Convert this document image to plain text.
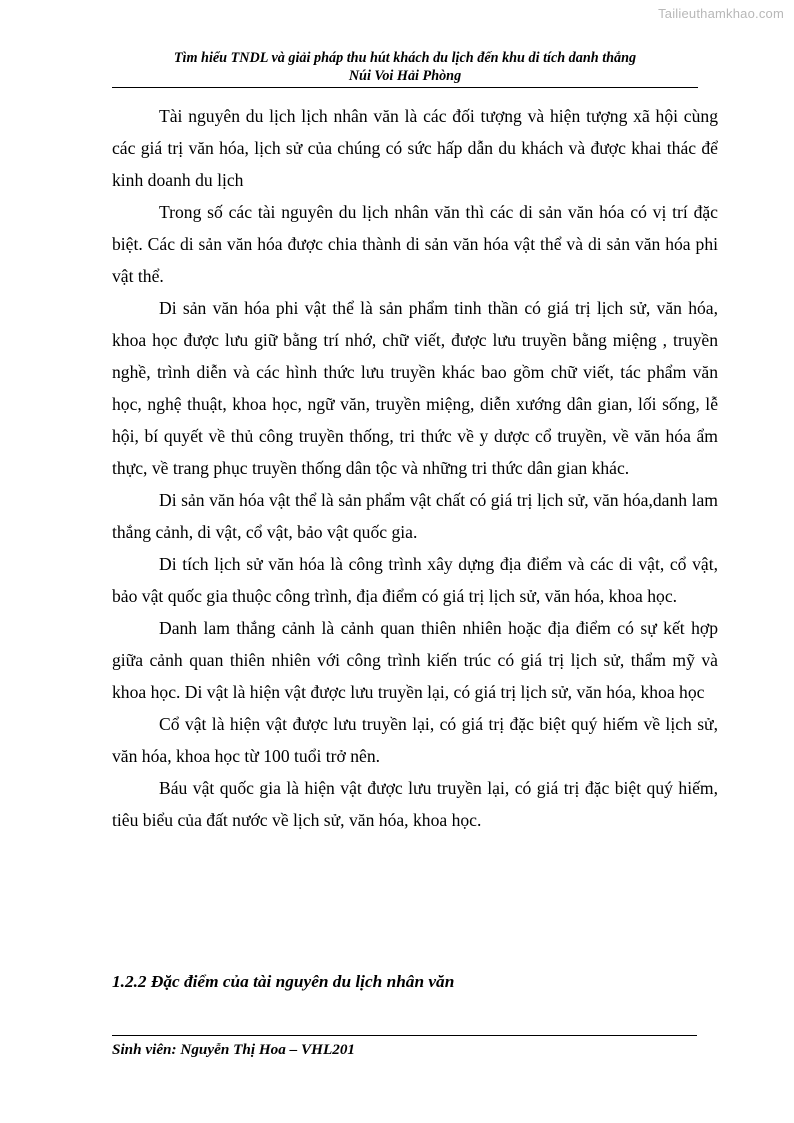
Tailieuthamkhao.com
Tìm hiểu TNDL và giải pháp thu hút khách du lịch đến khu di tích danh thắng
Núi Voi Hải Phòng

Tài nguyên du lịch lịch nhân văn là các đối tượng và hiện tượng xã hội cùng các giá trị văn hóa, lịch sử của chúng có sức hấp dẫn du khách và được khai thác để kinh doanh du lịch

Trong số các tài nguyên du lịch nhân văn thì các di sản văn hóa có vị trí đặc biệt. Các di sản văn hóa được chia thành di sản văn hóa vật thể và di sản văn hóa phi vật thể.

Di sản văn hóa phi vật thể là sản phẩm tinh thần có giá trị lịch sử, văn hóa, khoa học được lưu giữ bằng trí nhớ, chữ viết, được lưu truyền bằng miệng , truyền nghề, trình diễn và các hình thức lưu truyền khác bao gồm chữ viết, tác phẩm văn học, nghệ thuật, khoa học, ngữ văn, truyền miệng, diễn xướng dân gian, lối sống, lễ hội, bí quyết về thủ công truyền thống, tri thức về y dược cổ truyền, về văn hóa ẩm thực, về trang phục truyền thống dân tộc và những tri thức dân gian khác.

Di sản văn hóa vật thể là sản phẩm vật chất có giá trị lịch sử, văn hóa,danh lam thắng cảnh, di vật, cổ vật, bảo vật quốc gia.

Di tích lịch sử văn hóa là công trình xây dựng địa điểm và các di vật, cổ vật, bảo vật quốc gia thuộc công trình, địa điểm có giá trị lịch sử, văn hóa, khoa học.

Danh lam thắng cảnh là cảnh quan thiên nhiên hoặc địa điểm có sự kết hợp giữa cảnh quan thiên nhiên với công trình kiến trúc có giá trị lịch sử, thẩm mỹ và khoa học. Di vật là hiện vật được lưu truyền lại, có giá trị lịch sử, văn hóa, khoa học

Cổ vật là hiện vật được lưu truyền lại, có giá trị đặc biệt quý hiếm về lịch sử, văn hóa, khoa học từ 100 tuổi trở nên.

Báu vật quốc gia là hiện vật được lưu truyền lại, có giá trị đặc biệt quý hiếm, tiêu biểu của đất nước về lịch sử, văn hóa, khoa học.

1.2.2 Đặc điểm của tài nguyên du lịch nhân văn
Sinh viên: Nguyễn Thị Hoa – VHL201
